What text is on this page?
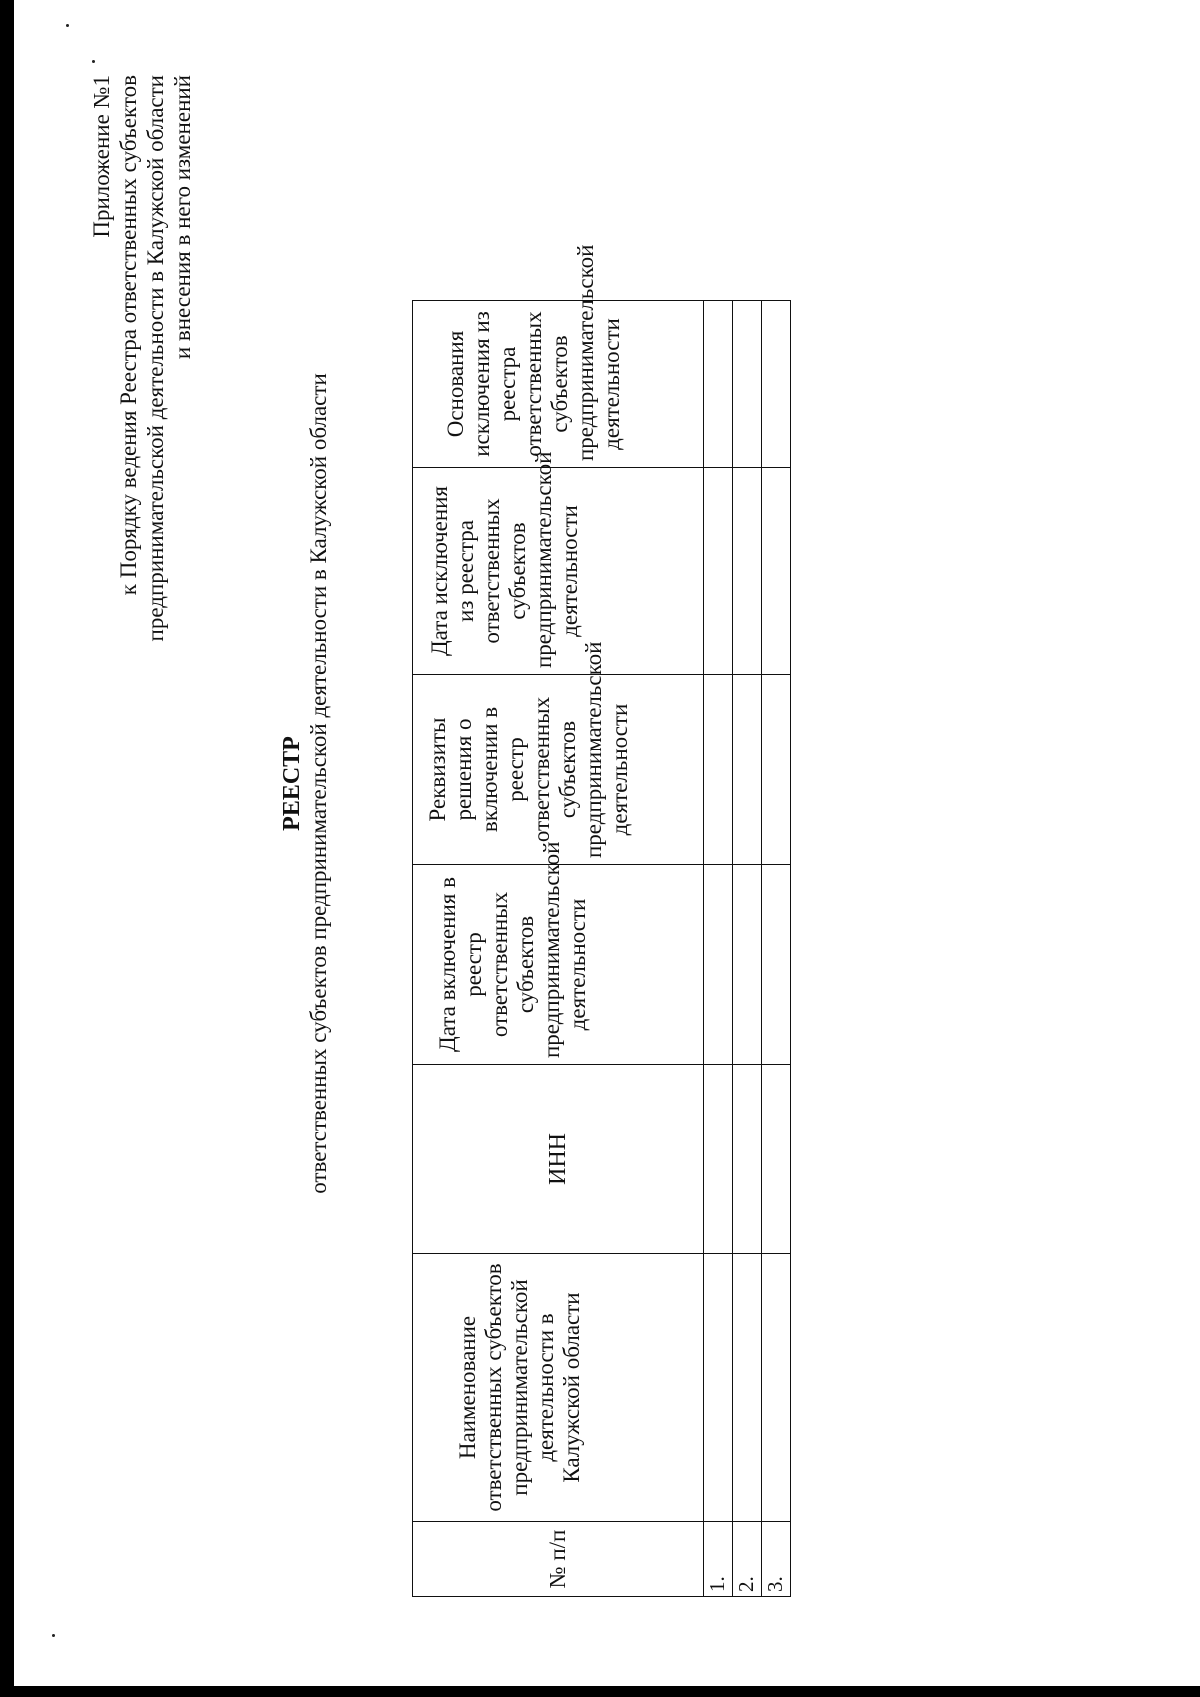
Приложение №1 к Порядку ведения Реестра ответственных субъектов предпринимательской деятельности в Калужской области и внесения в него изменений
РЕЕСТР ответственных субъектов предпринимательской деятельности в Калужской области
№ п/п	Наименование ответственных субъектов предпринимательской деятельности в Калужской области	ИНН	Дата включения в реестр ответственных субъектов предпринимательской деятельности	Реквизиты решения о включении в реестр ответственных субъектов предпринимательской деятельности	Дата исключения из реестра ответственных субъектов предпринимательской деятельности	Основания исключения из реестра ответственных субъектов предпринимательской деятельности
1.						
2.						
3.						
